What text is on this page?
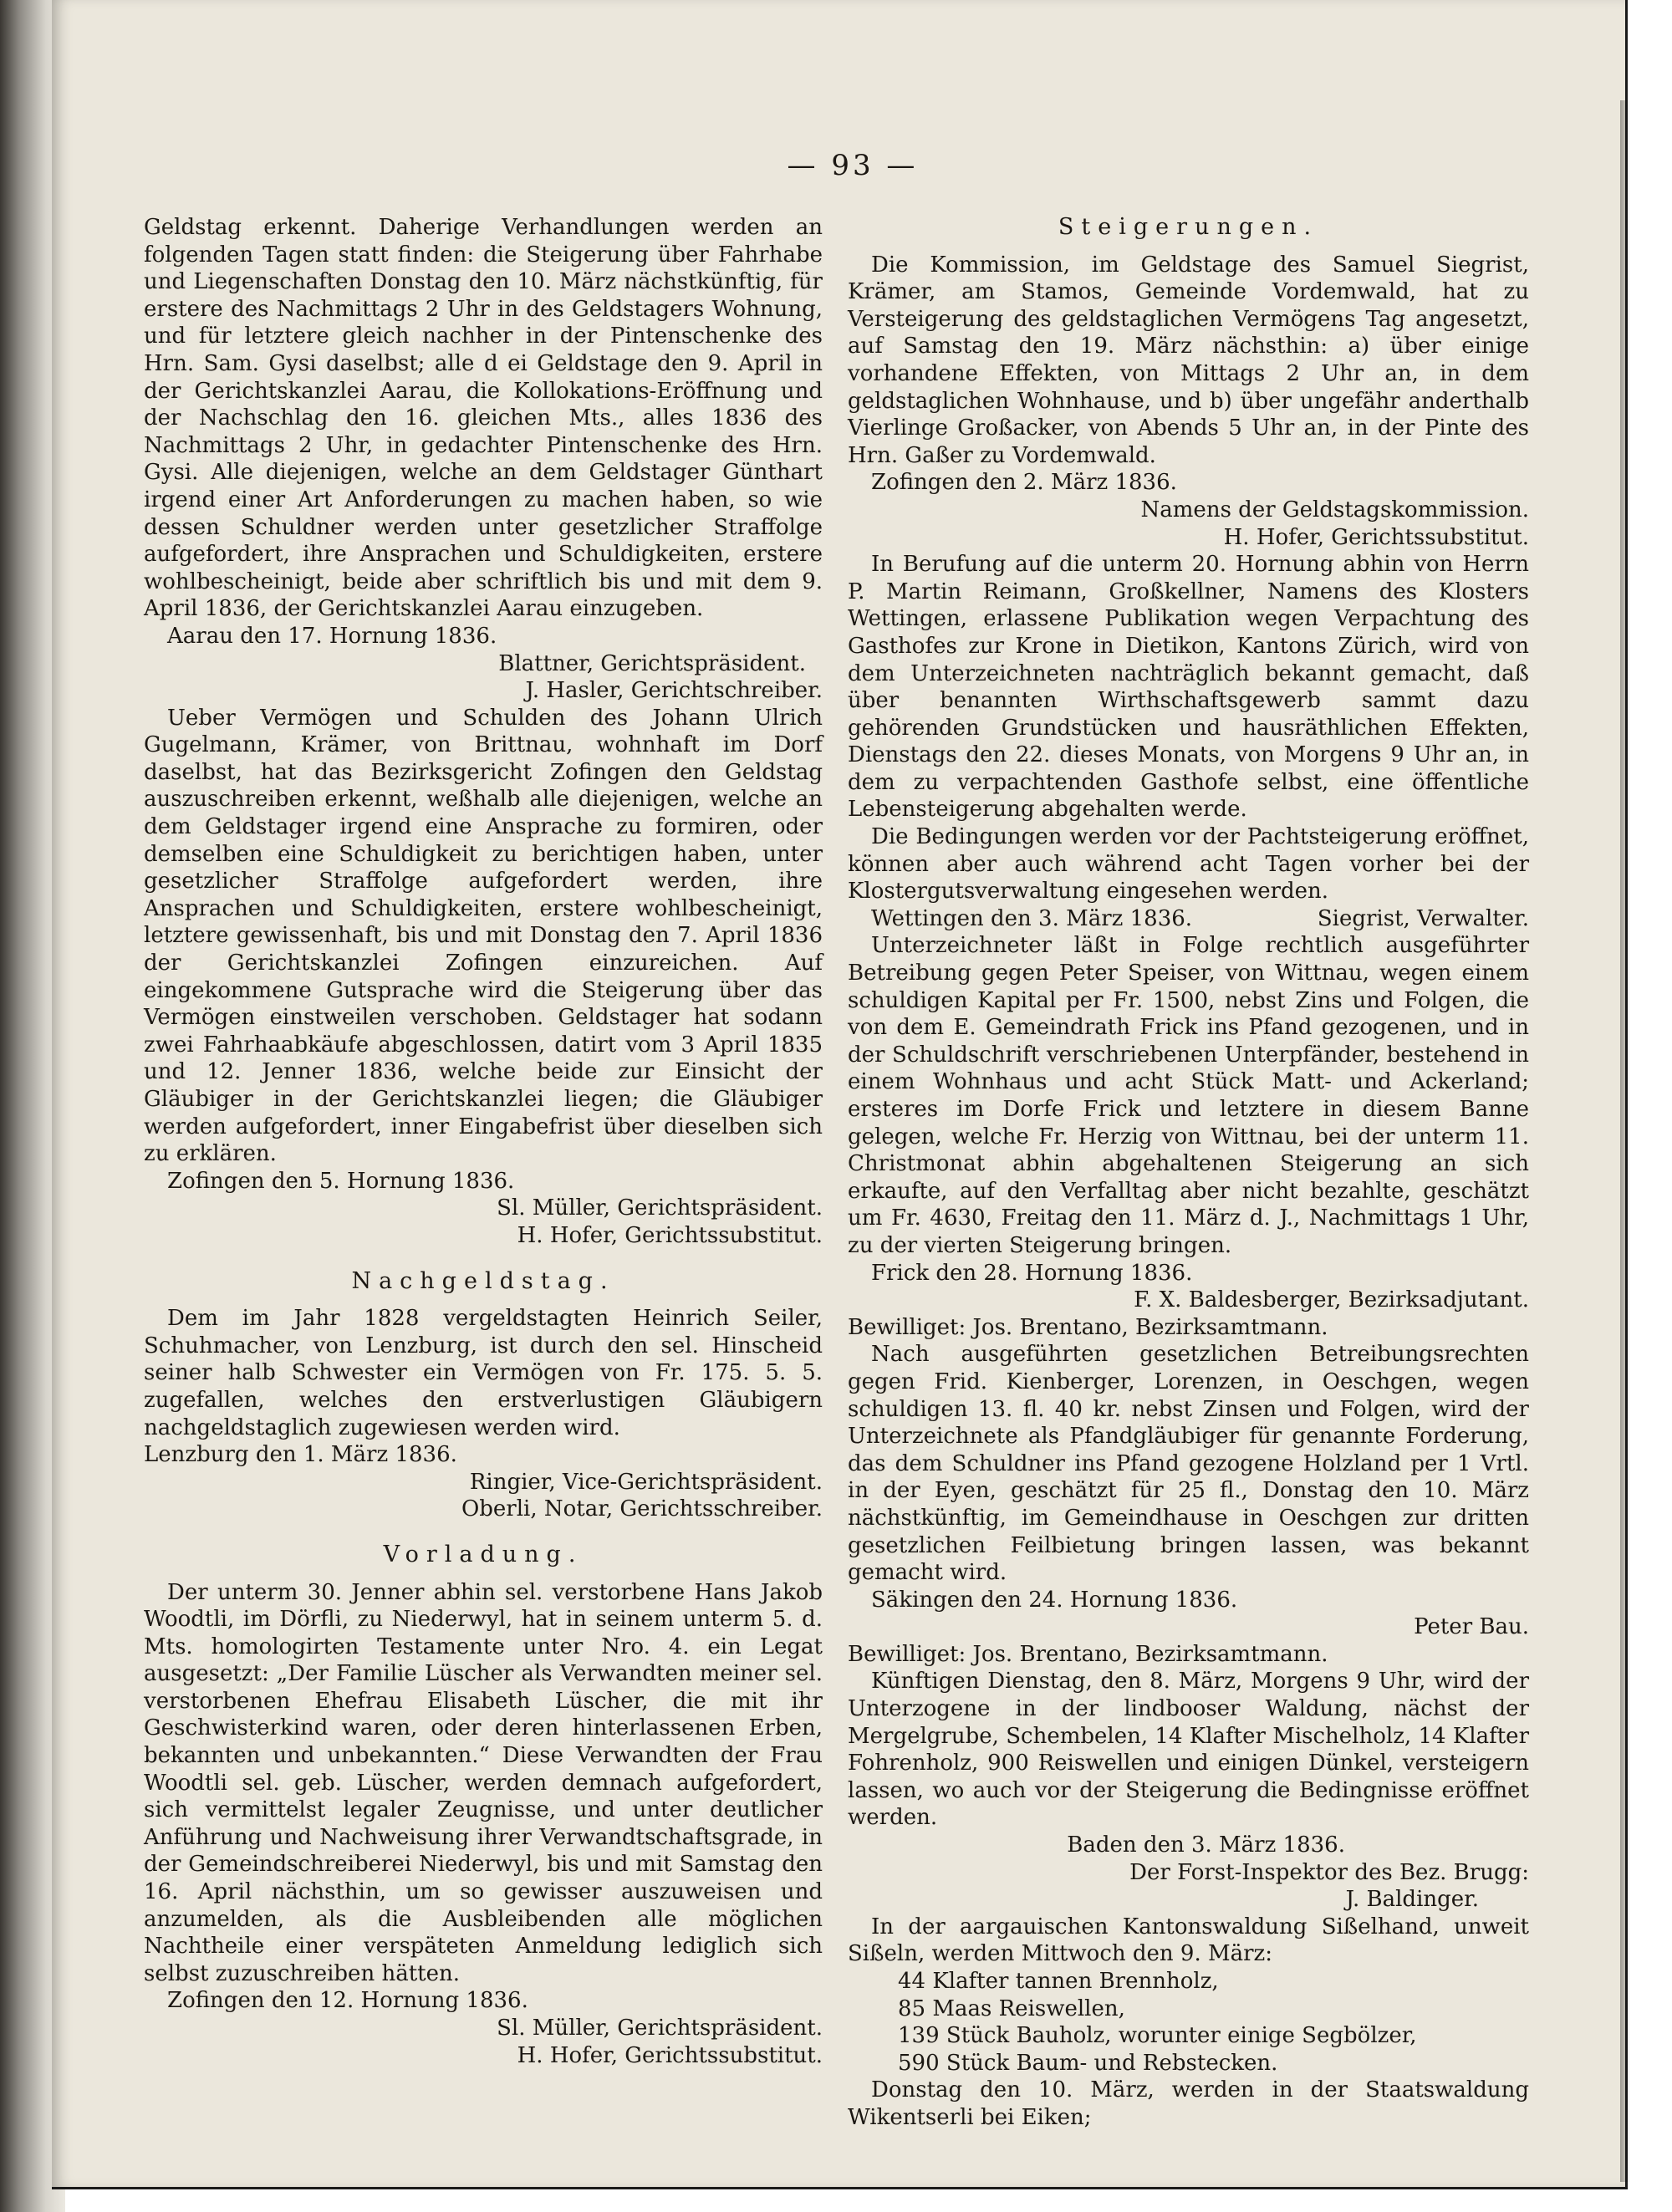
— 93 —

Geldstag erkennt. Daherige Verhandlungen werden an folgenden Tagen statt finden: die Steigerung über Fahrhabe und Liegenschaften Donstag den 10. März nächstkünftig, für erstere des Nachmittags 2 Uhr in des Geldstagers Wohnung, und für letztere gleich nachher in der Pintenschenke des Hrn. Sam. Gysi daselbst; alle d ei Geldstage den 9. April in der Gerichtskanzlei Aarau, die Kollokations-Eröffnung und der Nachschlag den 16. gleichen Mts., alles 1836 des Nachmittags 2 Uhr, in gedachter Pintenschenke des Hrn. Gysi. Alle diejenigen, welche an dem Geldstager Günthart irgend einer Art Anforderungen zu machen haben, so wie dessen Schuldner werden unter gesetzlicher Straffolge aufgefordert, ihre Ansprachen und Schuldigkeiten, erstere wohlbescheinigt, beide aber schriftlich bis und mit dem 9. April 1836, der Gerichtskanzlei Aarau einzugeben.

Aarau den 17. Hornung 1836.

Blattner, Gerichtspräsident.

J. Hasler, Gerichtschreiber.

Ueber Vermögen und Schulden des Johann Ulrich Gugelmann, Krämer, von Brittnau, wohnhaft im Dorf daselbst, hat das Bezirksgericht Zofingen den Geldstag auszuschreiben erkennt, weßhalb alle diejenigen, welche an dem Geldstager irgend eine Ansprache zu formiren, oder demselben eine Schuldigkeit zu berichtigen haben, unter gesetzlicher Straffolge aufgefordert werden, ihre Ansprachen und Schuldigkeiten, erstere wohlbescheinigt, letztere gewissenhaft, bis und mit Donstag den 7. April 1836 der Gerichtskanzlei Zofingen einzureichen. Auf eingekommene Gutsprache wird die Steigerung über das Vermögen einstweilen verschoben. Geldstager hat sodann zwei Fahrhaabkäufe abgeschlossen, datirt vom 3 April 1835 und 12. Jenner 1836, welche beide zur Einsicht der Gläubiger in der Gerichtskanzlei liegen; die Gläubiger werden aufgefordert, inner Eingabefrist über dieselben sich zu erklären.

Zofingen den 5. Hornung 1836.

Sl. Müller, Gerichtspräsident.

H. Hofer, Gerichtssubstitut.

Nachgeldstag.

Dem im Jahr 1828 vergeldstagten Heinrich Seiler, Schuhmacher, von Lenzburg, ist durch den sel. Hinscheid seiner halb Schwester ein Vermögen von Fr. 175. 5. 5. zugefallen, welches den erstverlustigen Gläubigern nachgeldstaglich zugewiesen werden wird.

Lenzburg den 1. März 1836.

Ringier, Vice-Gerichtspräsident.

Oberli, Notar, Gerichtsschreiber.

Vorladung.

Der unterm 30. Jenner abhin sel. verstorbene Hans Jakob Woodtli, im Dörfli, zu Niederwyl, hat in seinem unterm 5. d. Mts. homologirten Testamente unter Nro. 4. ein Legat ausgesetzt: „Der Familie Lüscher als Verwandten meiner sel. verstorbenen Ehefrau Elisabeth Lüscher, die mit ihr Geschwisterkind waren, oder deren hinterlassenen Erben, bekannten und unbekannten.“ Diese Verwandten der Frau Woodtli sel. geb. Lüscher, werden demnach aufgefordert, sich vermittelst legaler Zeugnisse, und unter deutlicher Anführung und Nachweisung ihrer Verwandtschaftsgrade, in der Gemeindschreiberei Niederwyl, bis und mit Samstag den 16. April nächsthin, um so gewisser auszuweisen und anzumelden, als die Ausbleibenden alle möglichen Nachtheile einer verspäteten Anmeldung lediglich sich selbst zuzuschreiben hätten.

Zofingen den 12. Hornung 1836.

Sl. Müller, Gerichtspräsident.

H. Hofer, Gerichtssubstitut.

Steigerungen.

Die Kommission, im Geldstage des Samuel Siegrist, Krämer, am Stamos, Gemeinde Vordemwald, hat zu Versteigerung des geldstaglichen Vermögens Tag angesetzt, auf Samstag den 19. März nächsthin: a) über einige vorhandene Effekten, von Mittags 2 Uhr an, in dem geldstaglichen Wohnhause, und b) über ungefähr anderthalb Vierlinge Großacker, von Abends 5 Uhr an, in der Pinte des Hrn. Gaßer zu Vordemwald.

Zofingen den 2. März 1836.

Namens der Geldstagskommission.

H. Hofer, Gerichtssubstitut.

In Berufung auf die unterm 20. Hornung abhin von Herrn P. Martin Reimann, Großkellner, Namens des Klosters Wettingen, erlassene Publikation wegen Verpachtung des Gasthofes zur Krone in Dietikon, Kantons Zürich, wird von dem Unterzeichneten nachträglich bekannt gemacht, daß über benannten Wirthschaftsgewerb sammt dazu gehörenden Grundstücken und hausräthlichen Effekten, Dienstags den 22. dieses Monats, von Morgens 9 Uhr an, in dem zu verpachtenden Gasthofe selbst, eine öffentliche Lebensteigerung abgehalten werde.

Die Bedingungen werden vor der Pachtsteigerung eröffnet, können aber auch während acht Tagen vorher bei der Klostergutsverwaltung eingesehen werden.

Wettingen den 3. März 1836.	Siegrist, Verwalter.

Unterzeichneter läßt in Folge rechtlich ausgeführter Betreibung gegen Peter Speiser, von Wittnau, wegen einem schuldigen Kapital per Fr. 1500, nebst Zins und Folgen, die von dem E. Gemeindrath Frick ins Pfand gezogenen, und in der Schuldschrift verschriebenen Unterpfänder, bestehend in einem Wohnhaus und acht Stück Matt- und Ackerland; ersteres im Dorfe Frick und letztere in diesem Banne gelegen, welche Fr. Herzig von Wittnau, bei der unterm 11. Christmonat abhin abgehaltenen Steigerung an sich erkaufte, auf den Verfalltag aber nicht bezahlte, geschätzt um Fr. 4630, Freitag den 11. März d. J., Nachmittags 1 Uhr, zu der vierten Steigerung bringen.

Frick den 28. Hornung 1836.

F. X. Baldesberger, Bezirksadjutant.

Bewilliget: Jos. Brentano, Bezirksamtmann.

Nach ausgeführten gesetzlichen Betreibungsrechten gegen Frid. Kienberger, Lorenzen, in Oeschgen, wegen schuldigen 13. fl. 40 kr. nebst Zinsen und Folgen, wird der Unterzeichnete als Pfandgläubiger für genannte Forderung, das dem Schuldner ins Pfand gezogene Holzland per 1 Vrtl. in der Eyen, geschätzt für 25 fl., Donstag den 10. März nächstkünftig, im Gemeindhause in Oeschgen zur dritten gesetzlichen Feilbietung bringen lassen, was bekannt gemacht wird.

Säkingen den 24. Hornung 1836.

Peter Bau.

Bewilliget: Jos. Brentano, Bezirksamtmann.

Künftigen Dienstag, den 8. März, Morgens 9 Uhr, wird der Unterzogene in der lindbooser Waldung, nächst der Mergelgrube, Schembelen, 14 Klafter Mischelholz, 14 Klafter Fohrenholz, 900 Reiswellen und einigen Dünkel, versteigern lassen, wo auch vor der Steigerung die Bedingnisse eröffnet werden.

Baden den 3. März 1836.

Der Forst-Inspektor des Bez. Brugg:

J. Baldinger.

In der aargauischen Kantonswaldung Sißelhand, unweit Sißeln, werden Mittwoch den 9. März:

44 Klafter tannen Brennholz,

85 Maas Reiswellen,

139 Stück Bauholz, worunter einige Segbölzer,

590 Stück Baum- und Rebstecken.

Donstag den 10. März, werden in der Staatswaldung Wikentserli bei Eiken;
